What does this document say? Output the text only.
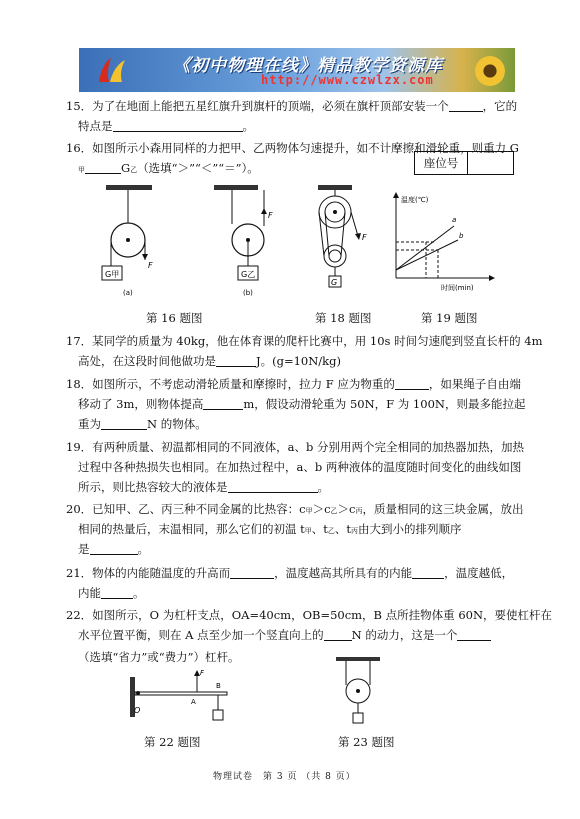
《初中物理在线》精品教学资源库
http://www.czwlzx.com
15．为了在地面上能把五星红旗升到旗杆的顶端，必须在旗杆顶部安装一个	，它的
特点是	。
16．如图所示小森用同样的力把甲、乙两物体匀速提升，如不计摩擦和滑轮重，则重力 G
甲	G乙（选填“＞”“＜”“＝”）。	座位号
G甲
F
(a)
G乙
F
(b)
F
G
温度(℃)
时间(min)
a
b
第 16 题图	第 18 题图	第 19 题图
17．某同学的质量为 40kg，他在体育课的爬杆比赛中，用 10s 时间匀速爬到竖直长杆的 4m
高处，在这段时间他做功是	J。(g=10N/kg)
18．如图所示，不考虑动滑轮质量和摩擦时，拉力 F 应为物重的	，如果绳子自由端
移动了 3m，则物体提高	m，假设动滑轮重为 50N，F 为 100N，则最多能拉起
重为	N 的物体。
19．有两种质量、初温都相同的不同液体，a、b 分别用两个完全相同的加热器加热，加热
过程中各种热损失也相同。在加热过程中，a、b 两种液体的温度随时间变化的曲线如图
所示，则比热容较大的液体是	。
20．已知甲、乙、丙三种不同金属的比热容：c甲＞c乙＞c丙，质量相同的这三块金属，放出
相同的热量后，末温相同，那么它们的初温 t甲、t乙、t丙由大到小的排列顺序
是	。
21．物体的内能随温度的升高而	，温度越高其所具有的内能	，温度越低，
内能	。
22．如图所示，O 为杠杆支点，OA=40cm，OB=50cm，B 点所挂物体重 60N，要使杠杆在
水平位置平衡，则在 A 点至少加一个竖直向上的 N 的动力，这是一个
（选填“省力”或“费力”）杠杆。
O
F
A
B
第 22 题图	第 23 题图
物理试卷　第 3 页 （共 8 页）
